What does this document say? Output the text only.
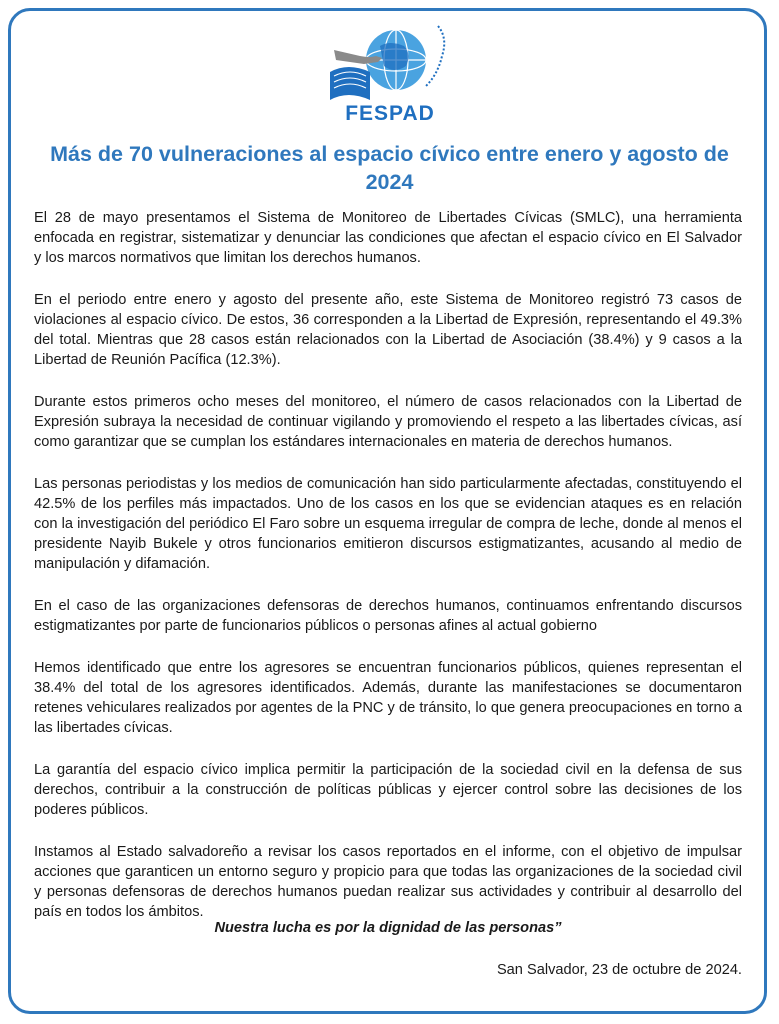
FESPAD
Más de 70 vulneraciones al espacio cívico entre enero y agosto de 2024

El 28 de mayo presentamos el Sistema de Monitoreo de Libertades Cívicas (SMLC), una herramienta enfocada en registrar, sistematizar y denunciar las condiciones que afectan el espacio cívico en El Salvador y los marcos normativos que limitan los derechos humanos.

En el periodo entre enero y agosto del presente año, este Sistema de Monitoreo registró 73 casos de violaciones al espacio cívico. De estos, 36 corresponden a la Libertad de Expresión, representando el 49.3% del total. Mientras que 28 casos están relacionados con la Libertad de Asociación (38.4%) y 9 casos a la Libertad de Reunión Pacífica (12.3%).

Durante estos primeros ocho meses del monitoreo, el número de casos relacionados con la Libertad de Expresión subraya la necesidad de continuar vigilando y promoviendo el respeto a las libertades cívicas, así como garantizar que se cumplan los estándares internacionales en materia de derechos humanos.

Las personas periodistas y los medios de comunicación han sido particularmente afectadas, constituyendo el 42.5% de los perfiles más impactados. Uno de los casos en los que se evidencian ataques es en relación con la investigación del periódico El Faro sobre un esquema irregular de compra de leche, donde al menos el presidente Nayib Bukele y otros funcionarios emitieron discursos estigmatizantes, acusando al medio de manipulación y difamación.

En el caso de las organizaciones defensoras de derechos humanos, continuamos enfrentando discursos estigmatizantes por parte de funcionarios públicos o personas afines al actual gobierno

Hemos identificado que entre los agresores se encuentran funcionarios públicos, quienes representan el 38.4% del total de los agresores identificados. Además, durante las manifestaciones se documentaron retenes vehiculares realizados por agentes de la PNC y de tránsito, lo que genera preocupaciones en torno a las libertades cívicas.

La garantía del espacio cívico implica permitir la participación de la sociedad civil en la defensa de sus derechos, contribuir a la construcción de políticas públicas y ejercer control sobre las decisiones de los poderes públicos.

Instamos al Estado salvadoreño a revisar los casos reportados en el informe, con el objetivo de impulsar acciones que garanticen un entorno seguro y propicio para que todas las organizaciones de la sociedad civil y personas defensoras de derechos humanos puedan realizar sus actividades y contribuir al desarrollo del país en todos los ámbitos.

Nuestra lucha es por la dignidad de las personas”

San Salvador, 23 de octubre de 2024.
